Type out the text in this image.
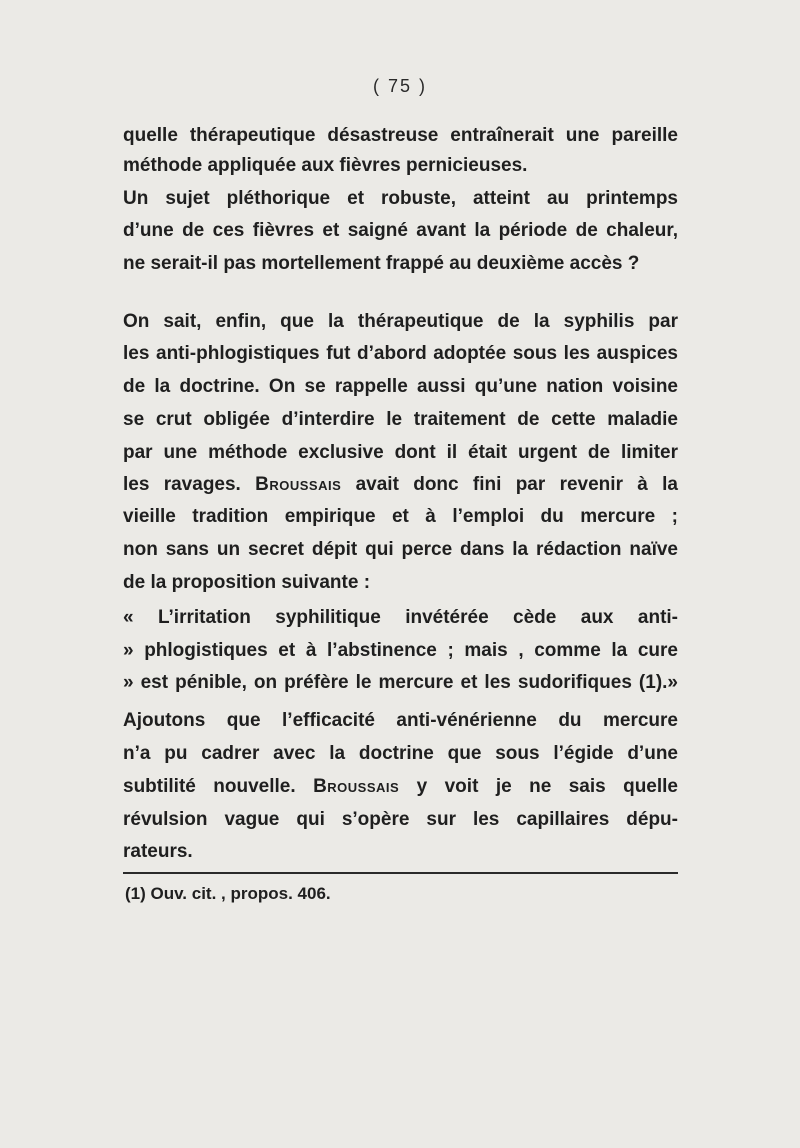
( 75 )
quelle thérapeutique désastreuse entraînerait une pareille
méthode appliquée aux fièvres pernicieuses.
Un sujet pléthorique et robuste, atteint au printemps
d’une de ces fièvres et saigné avant la période de chaleur,
ne serait-il pas mortellement frappé au deuxième accès ?
On sait, enfin, que la thérapeutique de la syphilis par
les anti-phlogistiques fut d’abord adoptée sous les auspices
de la doctrine. On se rappelle aussi qu’une nation voisine
se crut obligée d’interdire le traitement de cette maladie
par une méthode exclusive dont il était urgent de limiter
les ravages. Broussais avait donc fini par revenir à la
vieille tradition empirique et à l’emploi du mercure ;
non sans un secret dépit qui perce dans la rédaction naïve
de la proposition suivante :
« L’irritation syphilitique invétérée cède aux anti-
» phlogistiques et à l’abstinence ; mais , comme la cure
» est pénible, on préfère le mercure et les sudorifiques (1).»
Ajoutons que l’efficacité anti-vénérienne du mercure
n’a pu cadrer avec la doctrine que sous l’égide d’une
subtilité nouvelle. Broussais y voit je ne sais quelle
révulsion vague qui s’opère sur les capillaires dépu-
rateurs.
(1) Ouv. cit. , propos. 406.
